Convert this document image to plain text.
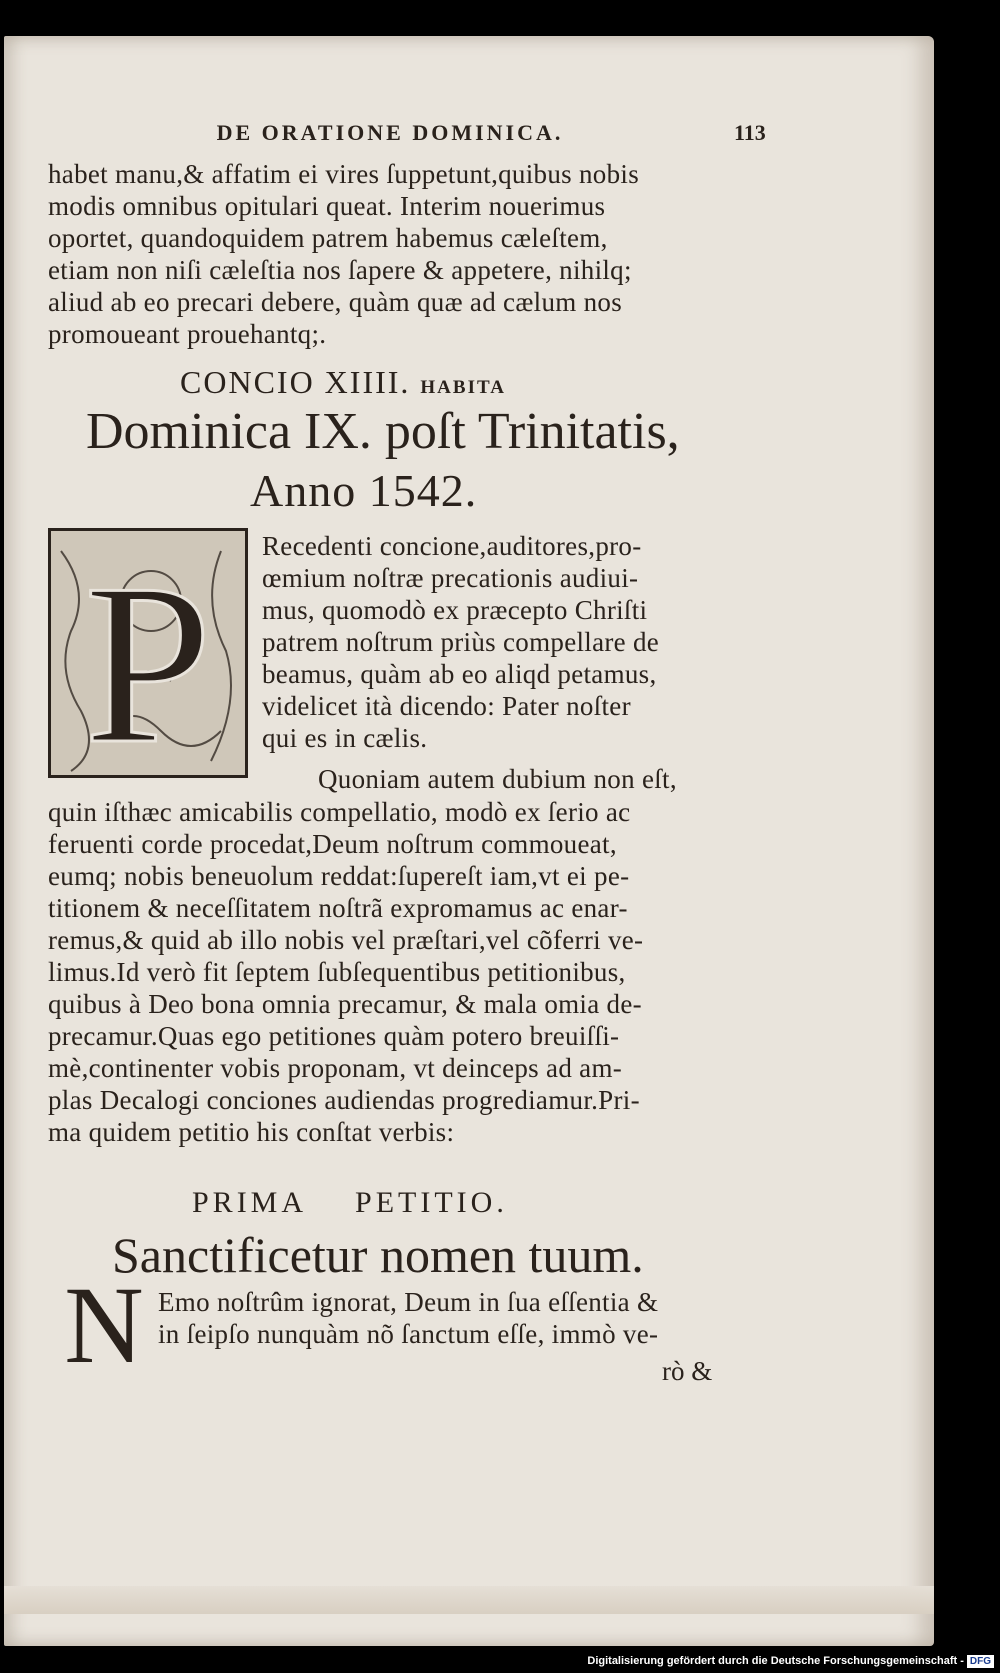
DE ORATIONE DOMINICA.	113
habet manu,& affatim ei vires ſuppetunt,quibus nobis
modis omnibus opitulari queat. Interim nouerimus
oportet, quandoquidem patrem habemus cæleſtem,
etiam non niſi cæleſtia nos ſapere & appetere, nihilq;
aliud ab eo precari debere, quàm quæ ad cælum nos
promoueant prouehantq;.
CONCIO XIIII. HABITA
Dominica IX. poſt Trinitatis,
Anno 1542.
P Recedenti concione,auditores,pro-
œmium noſtræ precationis audiui-
mus, quomodò ex præcepto Chriſti
patrem noſtrum priùs compellare de
beamus, quàm ab eo aliqd petamus,
videlicet ità dicendo: Pater noſter
qui es in cælis.
Quoniam autem dubium non eſt,
quin iſthæc amicabilis compellatio, modò ex ſerio ac
feruenti corde procedat,Deum noſtrum commoueat,
eumq; nobis beneuolum reddat:ſupereſt iam,vt ei pe-
titionem & neceſſitatem noſtrã expromamus ac enar-
remus,& quid ab illo nobis vel præſtari,vel cõferri ve-
limus.Id verò fit ſeptem ſubſequentibus petitionibus,
quibus à Deo bona omnia precamur, & mala omia de-
precamur.Quas ego petitiones quàm potero breuiſſi-
mè,continenter vobis proponam, vt deinceps ad am-
plas Decalogi conciones audiendas progrediamur.Pri-
ma quidem petitio his conſtat verbis:
PRIMA PETITIO.
Sanctificetur nomen tuum.
N Emo noſtrûm ignorat, Deum in ſua eſſentia &
in ſeipſo nunquàm nõ ſanctum eſſe, immò ve-
rò &
Digitalisierung gefördert durch die Deutsche Forschungsgemeinschaft - DFG
